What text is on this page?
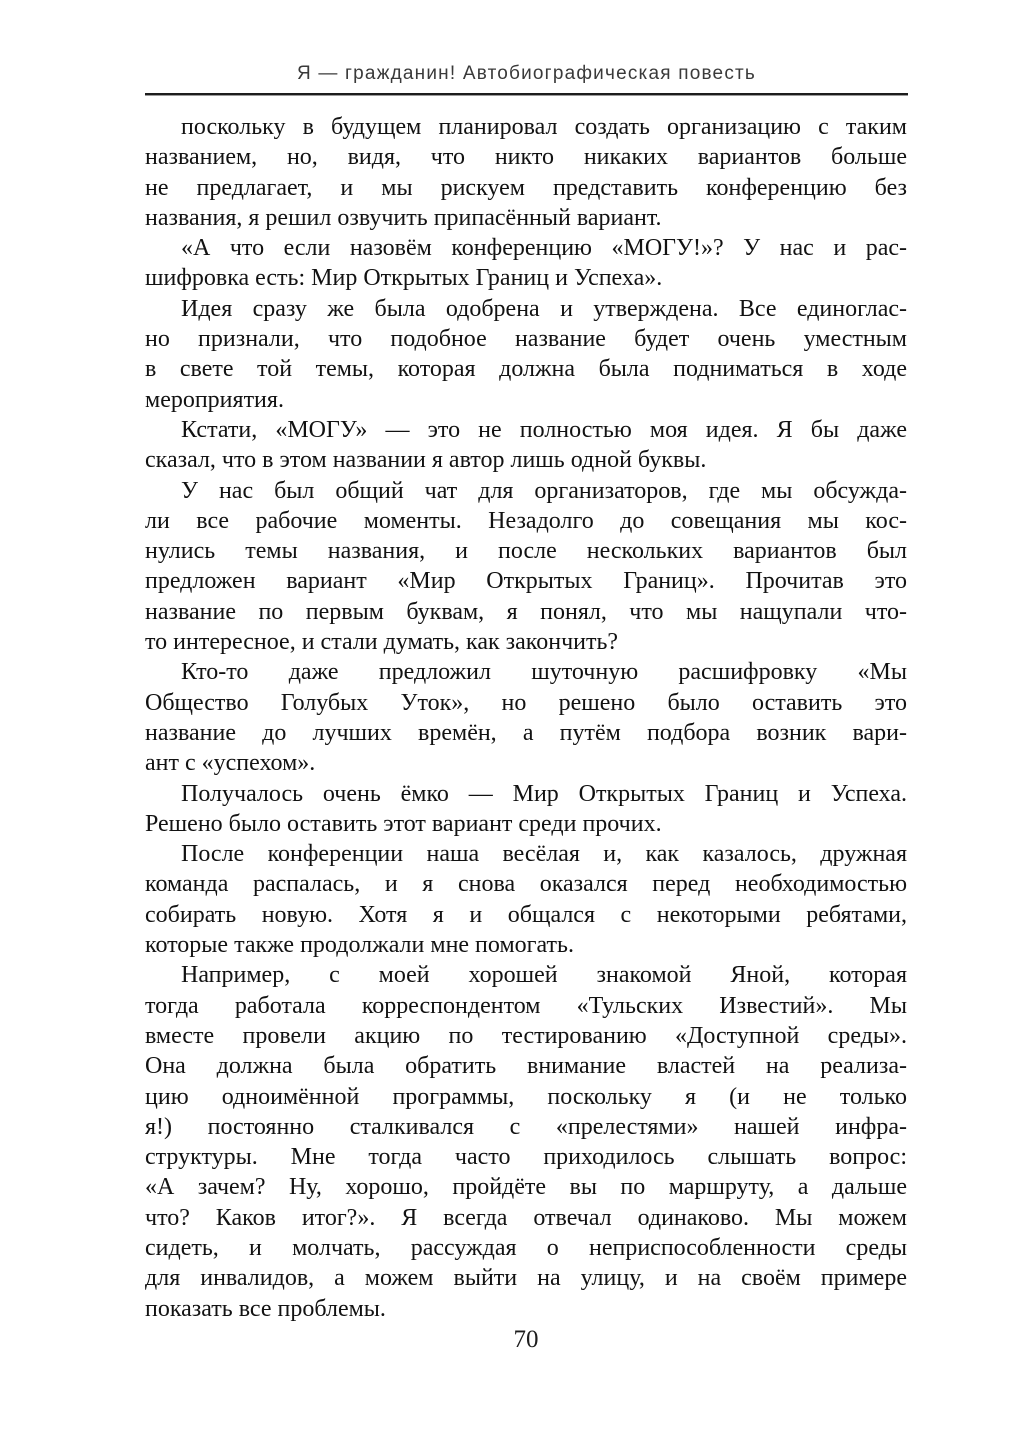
Я — гражданин! Автобиографическая повесть
поскольку в будущем планировал создать организацию с таким
названием, но, видя, что никто никаких вариантов больше
не предлагает, и мы рискуем представить конференцию без
названия, я решил озвучить припасённый вариант.
«А что если назовём конференцию «МОГУ!»? У нас и рас-
шифровка есть: Мир Открытых Границ и Успеха».
Идея сразу же была одобрена и утверждена. Все единоглас-
но признали, что подобное название будет очень уместным
в свете той темы, которая должна была подниматься в ходе
мероприятия.
Кстати, «МОГУ» — это не полностью моя идея. Я бы даже
сказал, что в этом названии я автор лишь одной буквы.
У нас был общий чат для организаторов, где мы обсужда-
ли все рабочие моменты. Незадолго до совещания мы кос-
нулись темы названия, и после нескольких вариантов был
предложен вариант «Мир Открытых Границ». Прочитав это
название по первым буквам, я понял, что мы нащупали что-
то интересное, и стали думать, как закончить?
Кто-то даже предложил шуточную расшифровку «Мы
Общество Голубых Уток», но решено было оставить это
название до лучших времён, а путём подбора возник вари-
ант с «успехом».
Получалось очень ёмко — Мир Открытых Границ и Успеха.
Решено было оставить этот вариант среди прочих.
После конференции наша весёлая и, как казалось, дружная
команда распалась, и я снова оказался перед необходимостью
собирать новую. Хотя я и общался с некоторыми ребятами,
которые также продолжали мне помогать.
Например, с моей хорошей знакомой Яной, которая
тогда работала корреспондентом «Тульских Известий». Мы
вместе провели акцию по тестированию «Доступной среды».
Она должна была обратить внимание властей на реализа-
цию одноимённой программы, поскольку я (и не только
я!) постоянно сталкивался с «прелестями» нашей инфра-
структуры. Мне тогда часто приходилось слышать вопрос:
«А зачем? Ну, хорошо, пройдёте вы по маршруту, а дальше
что? Каков итог?». Я всегда отвечал одинаково. Мы можем
сидеть, и молчать, рассуждая о неприспособленности среды
для инвалидов, а можем выйти на улицу, и на своём примере
показать все проблемы.
70
